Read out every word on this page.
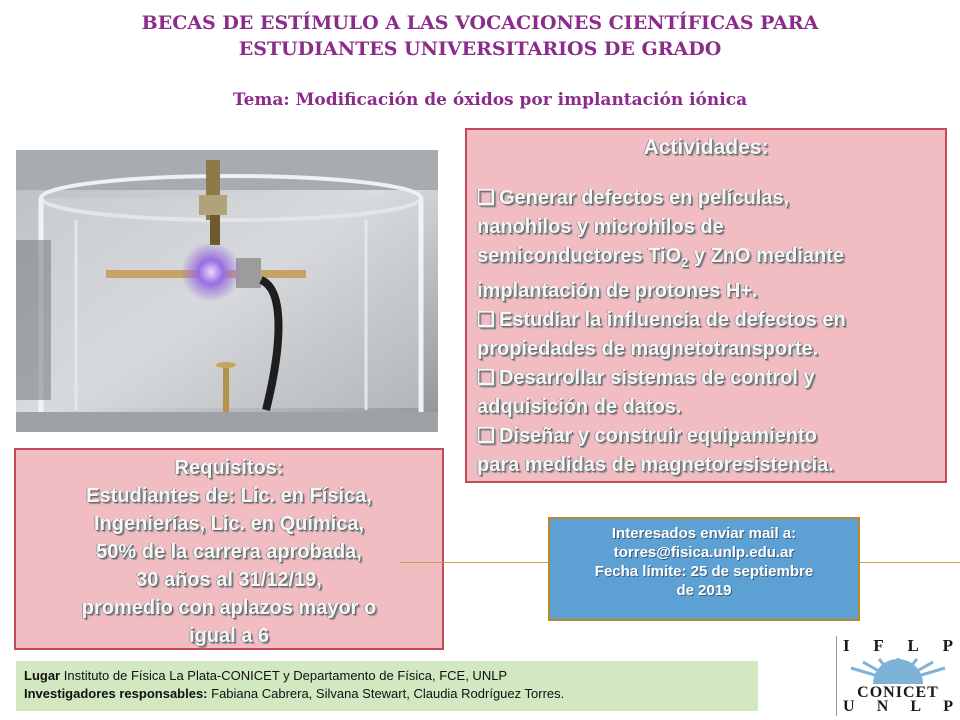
BECAS DE ESTÍMULO A LAS VOCACIONES CIENTÍFICAS PARA
ESTUDIANTES UNIVERSITARIOS DE GRADO
Tema: Modificación de óxidos por implantación iónica

Actividades:

❑ Generar defectos en películas,
nanohilos y microhilos de
semiconductores TiO$_2$ y ZnO mediante
implantación de protones H+.

❑ Estudiar la influencia de defectos en
propiedades de magnetotransporte.

❑ Desarrollar sistemas de control y
adquisición de datos.

❑ Diseñar y construir equipamiento
para medidas de magnetoresistencia.

Requisitos:

Estudiantes de: Lic. en Física,

Ingenierías, Lic. en Química,

50% de la carrera aprobada,

30 años al 31/12/19,

promedio con aplazos mayor o

igual a 6

Interesados enviar mail a:

torres@fisica.unlp.edu.ar

Fecha límite: 25 de septiembre

de 2019

Lugar Instituto de Física La Plata-CONICET y Departamento de Física, FCE, UNLP

Investigadores responsables: Fabiana Cabrera, Silvana Stewart, Claudia Rodríguez Torres.

I F L P
CONICET
U N L P
